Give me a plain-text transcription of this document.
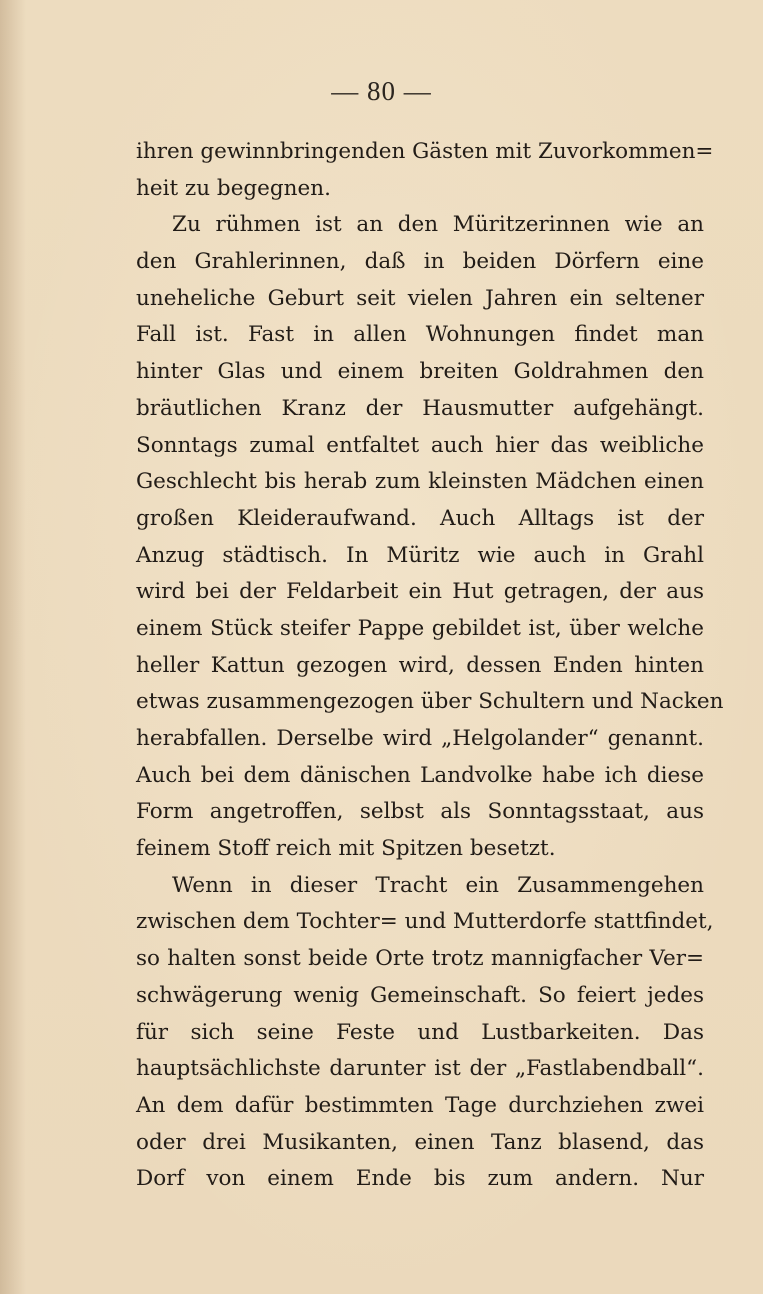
— 80 —
ihren gewinnbringenden Gästen mit Zuvorkommen=
heit zu begegnen.
Zu rühmen ist an den Müritzerinnen wie an
den Grahlerinnen, daß in beiden Dörfern eine
uneheliche Geburt seit vielen Jahren ein seltener
Fall ist. Fast in allen Wohnungen findet man
hinter Glas und einem breiten Goldrahmen den
bräutlichen Kranz der Hausmutter aufgehängt.
Sonntags zumal entfaltet auch hier das weibliche
Geschlecht bis herab zum kleinsten Mädchen einen
großen Kleideraufwand. Auch Alltags ist der
Anzug städtisch. In Müritz wie auch in Grahl
wird bei der Feldarbeit ein Hut getragen, der aus
einem Stück steifer Pappe gebildet ist, über welche
heller Kattun gezogen wird, dessen Enden hinten
etwas zusammengezogen über Schultern und Nacken
herabfallen. Derselbe wird „Helgolander“ genannt.
Auch bei dem dänischen Landvolke habe ich diese
Form angetroffen, selbst als Sonntagsstaat, aus
feinem Stoff reich mit Spitzen besetzt.
Wenn in dieser Tracht ein Zusammengehen
zwischen dem Tochter= und Mutterdorfe stattfindet,
so halten sonst beide Orte trotz mannigfacher Ver=
schwägerung wenig Gemeinschaft. So feiert jedes
für sich seine Feste und Lustbarkeiten. Das
hauptsächlichste darunter ist der „Fastlabendball“.
An dem dafür bestimmten Tage durchziehen zwei
oder drei Musikanten, einen Tanz blasend, das
Dorf von einem Ende bis zum andern. Nur
